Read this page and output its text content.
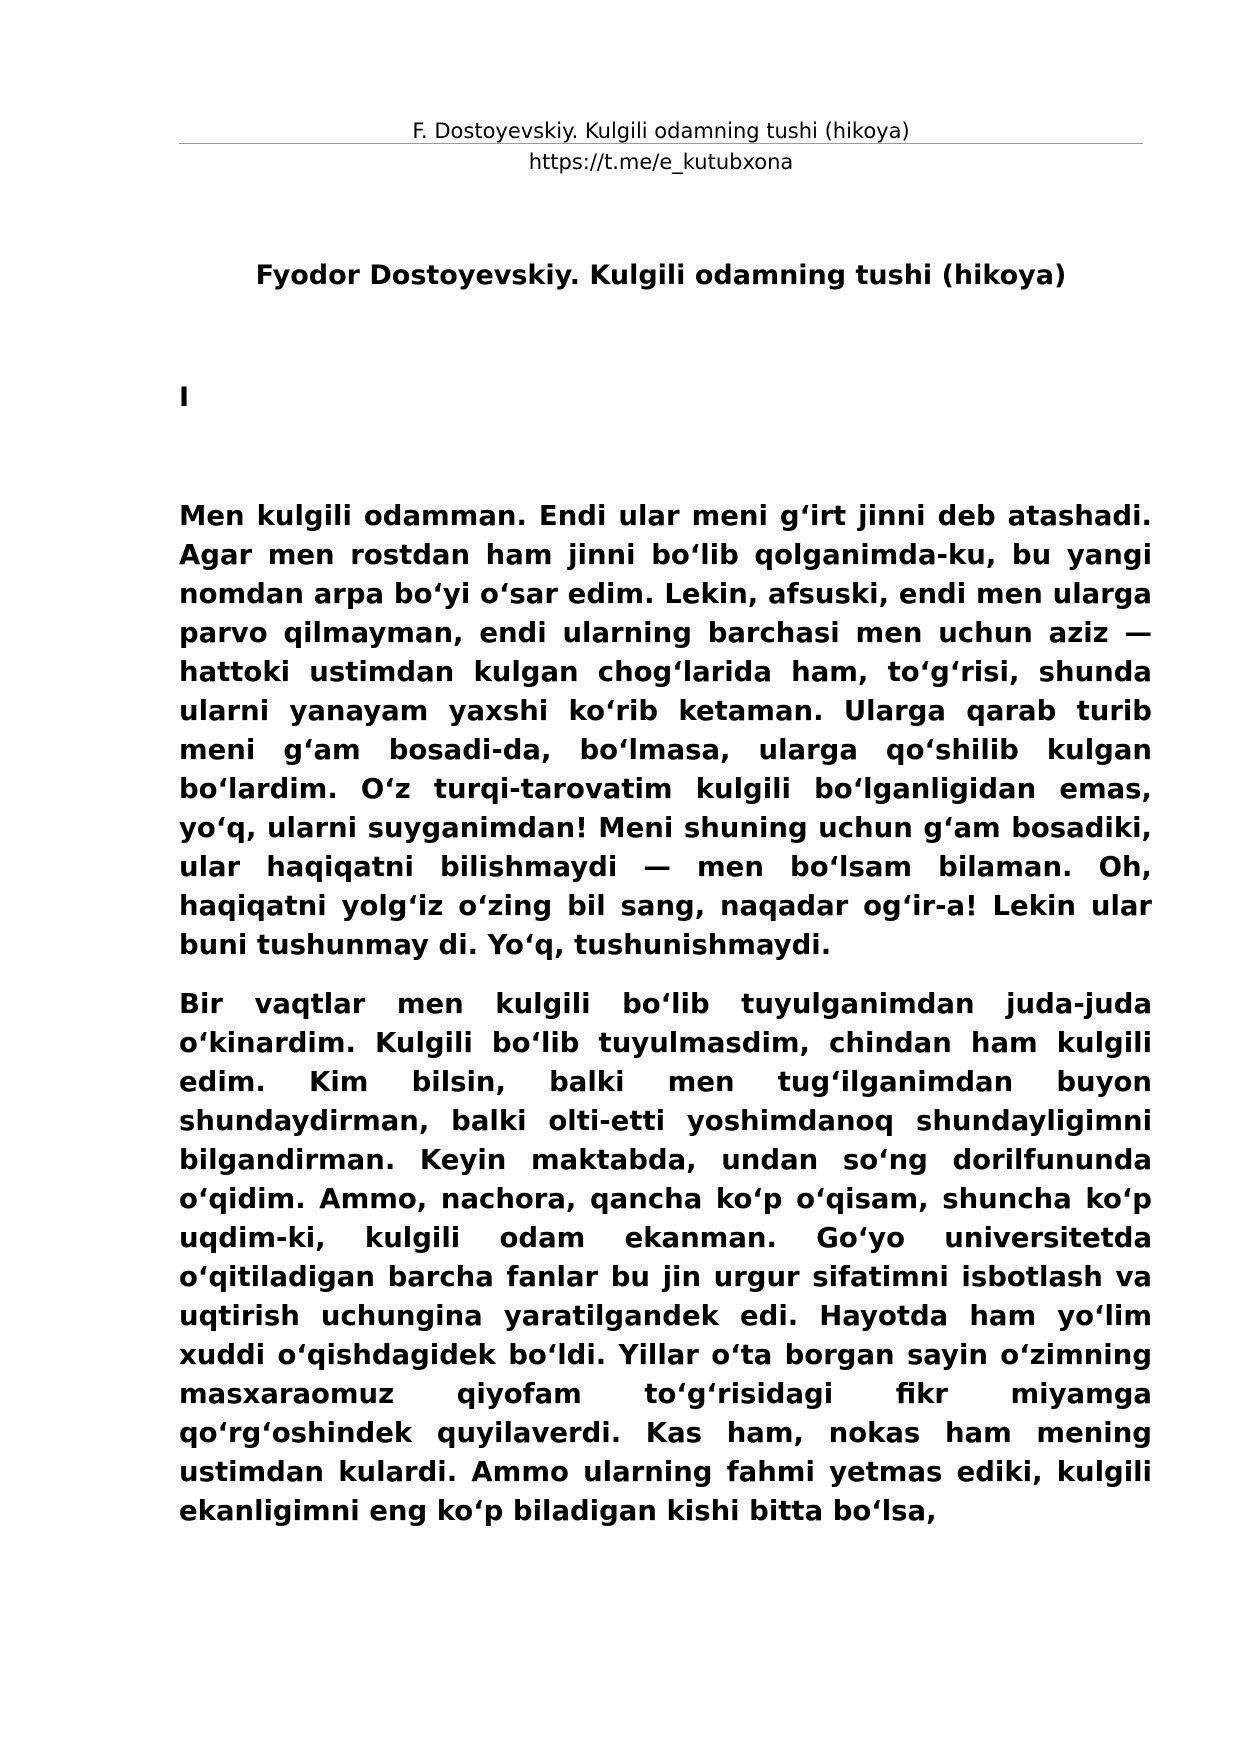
F. Dostoyevskiy. Kulgili odamning tushi (hikoya)
https://t.me/e_kutubxona
Fyodor Dostoyevskiy. Kulgili odamning tushi (hikoya)
I

Men kulgili odamman. Endi ular meni g‘irt jinni deb atashadi. Agar men rostdan ham jinni bo‘lib qolganimda-ku, bu yangi nomdan arpa bo‘yi o‘sar edim. Lekin, afsuski, endi men ularga parvo qilmayman, endi ularning barchasi men uchun aziz — hattoki ustimdan kulgan chog‘larida ham, to‘g‘risi, shunda ularni yanayam yaxshi ko‘rib ketaman. Ularga qarab turib meni g‘am bosadi-da, bo‘lmasa, ularga qo‘shilib kulgan bo‘lardim. O‘z turqi-tarovatim kulgili bo‘lganligidan emas, yo‘q, ularni suyganimdan! Meni shuning uchun g‘am bosadiki, ular haqiqatni bilishmaydi — men bo‘lsam bilaman. Oh, haqiqatni yolg‘iz o‘zing bil sang, naqadar og‘ir-a! Lekin ular buni tushunmay di. Yo‘q, tushunishmaydi.

Bir vaqtlar men kulgili bo‘lib tuyulganimdan juda-juda o‘kinardim. Kulgili bo‘lib tuyulmasdim, chindan ham kulgili edim. Kim bilsin, balki men tug‘ilganimdan buyon shundaydirman, balki olti-etti yoshimdanoq shundayligimni bilgandirman. Keyin maktabda, undan so‘ng dorilfununda o‘qidim. Ammo, nachora, qancha ko‘p o‘qisam, shuncha ko‘p uqdim-ki, kulgili odam ekanman. Go‘yo universitetda o‘qitiladigan barcha fanlar bu jin urgur sifatimni isbotlash va uqtirish uchungina yaratilgandek edi. Hayotda ham yo‘lim xuddi o‘qishdagidek bo‘ldi. Yillar o‘ta borgan sayin o‘zimning masxaraomuz qiyofam to‘g‘risidagi fikr miyamga qo‘rg‘oshindek quyilaverdi. Kas ham, nokas ham mening ustimdan kulardi. Ammo ularning fahmi yetmas ediki, kulgili ekanligimni eng ko‘p biladigan kishi bitta bo‘lsa,
